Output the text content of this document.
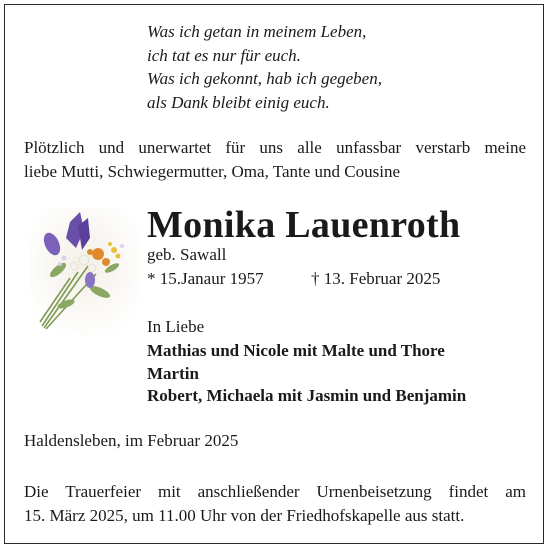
Was ich getan in meinem Leben,
ich tat es nur für euch.
Was ich gekonnt, hab ich gegeben,
als Dank bleibt einig euch.
Plötzlich und unerwartet für uns alle unfassbar verstarb meine
liebe Mutti, Schwiegermutter, Oma, Tante und Cousine
Monika Lauenroth
geb. Sawall
* 15.Janaur 1957	† 13. Februar 2025
In Liebe
Mathias und Nicole mit Malte und Thore
Martin
Robert, Michaela mit Jasmin und Benjamin
Haldensleben, im Februar 2025
Die Trauerfeier mit anschließender Urnenbeisetzung findet am
15. März 2025, um 11.00 Uhr von der Friedhofskapelle aus statt.
